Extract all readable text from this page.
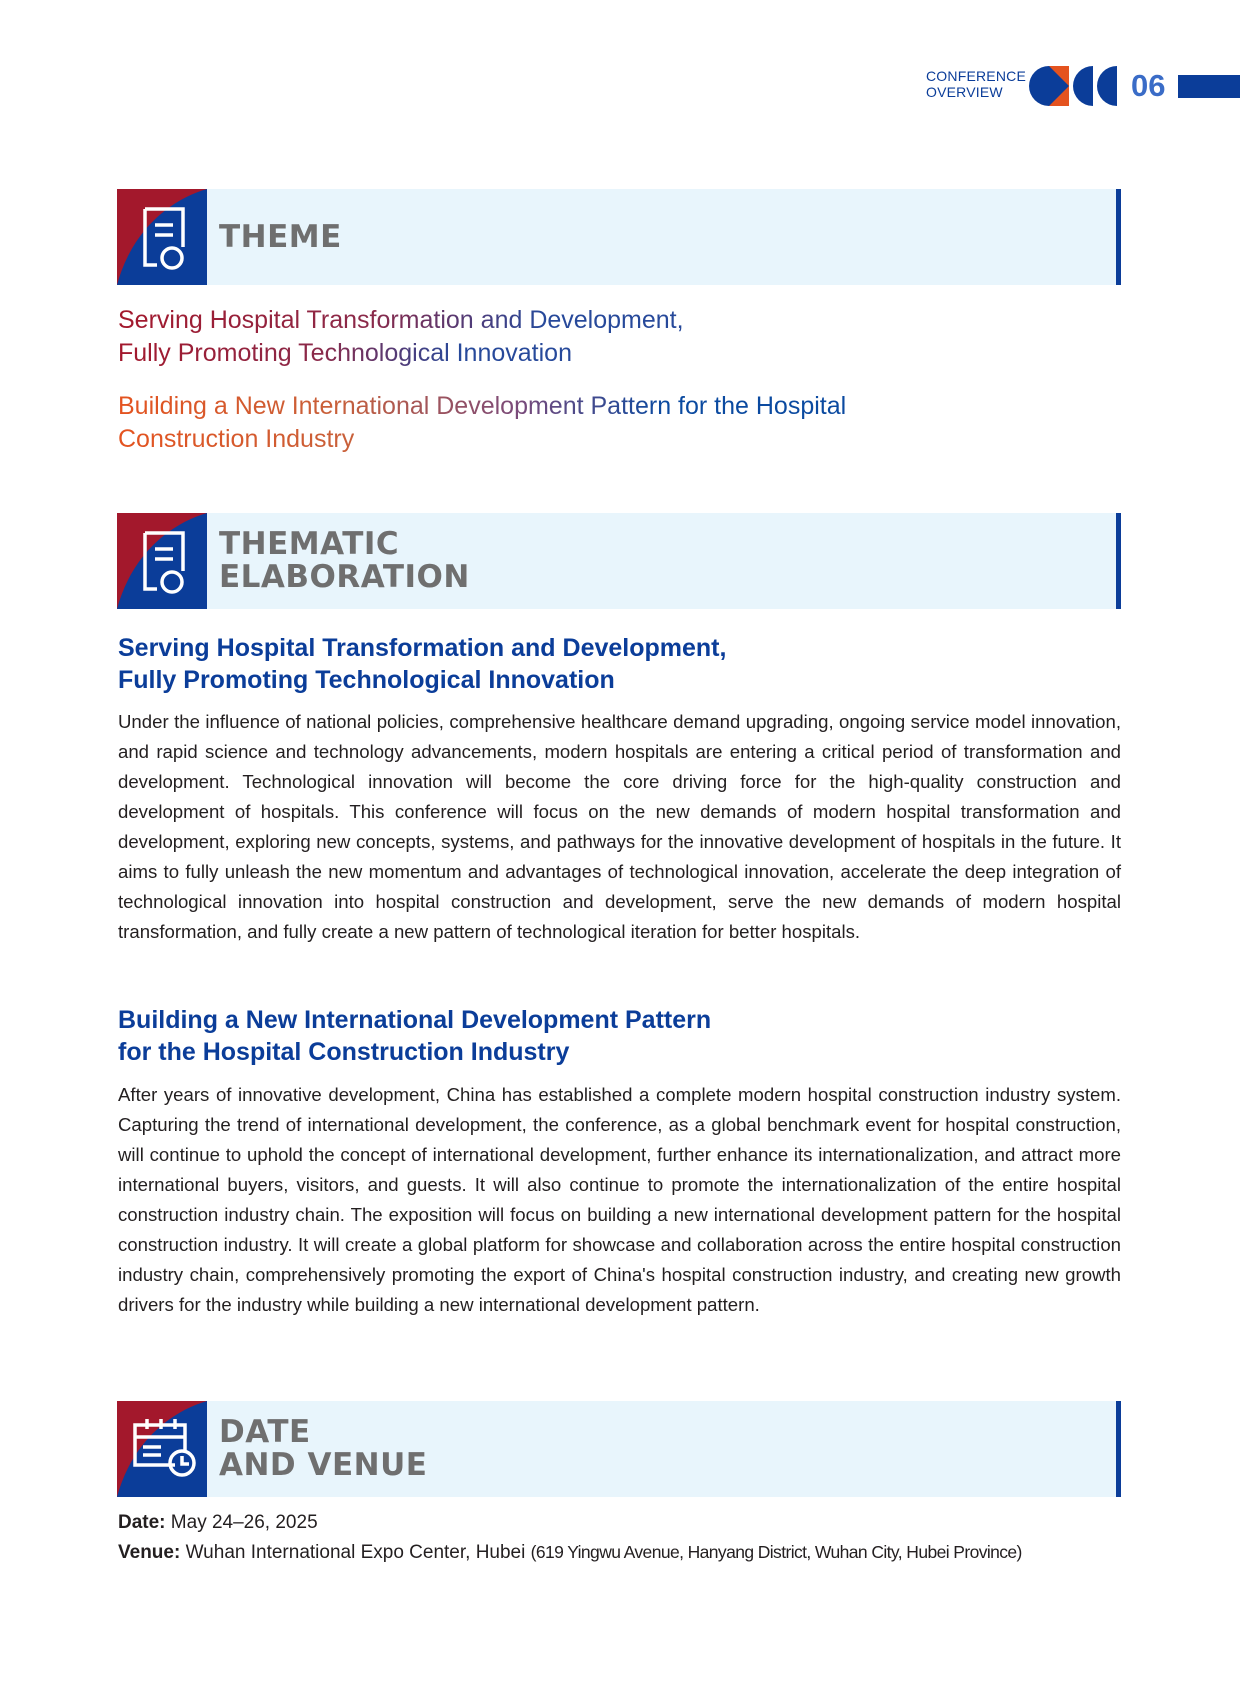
CONFERENCE
OVERVIEW	06
THEME

Serving Hospital Transformation and Development,

Fully Promoting Technological Innovation

Building a New International Development Pattern for the Hospital

Construction Industry

THEMATIC
ELABORATION
Serving Hospital Transformation and Development,
Fully Promoting Technological Innovation

Under the influence of national policies, comprehensive healthcare demand upgrading, ongoing service model innovation, and rapid science and technology advancements, modern hospitals are entering a critical period of transformation and development. Technological innovation will become the core driving force for the high-quality construction and development of hospitals. This conference will focus on the new demands of modern hospital transformation and development, exploring new concepts, systems, and pathways for the innovative development of hospitals in the future. It aims to fully unleash the new momentum and advantages of technological innovation, accelerate the deep integration of technological innovation into hospital construction and development, serve the new demands of modern hospital transformation, and fully create a new pattern of technological iteration for better hospitals.

Building a New International Development Pattern
for the Hospital Construction Industry

After years of innovative development, China has established a complete modern hospital construction industry system. Capturing the trend of international development, the conference, as a global benchmark event for hospital construction, will continue to uphold the concept of international development, further enhance its internationalization, and attract more international buyers, visitors, and guests. It will also continue to promote the internationalization of the entire hospital construction industry chain. The exposition will focus on building a new international development pattern for the hospital construction industry. It will create a global platform for showcase and collaboration across the entire hospital construction industry chain, comprehensively promoting the export of China's hospital construction industry, and creating new growth drivers for the industry while building a new international development pattern.

DATE
AND VENUE

Date: May 24–26, 2025

Venue: Wuhan International Expo Center, Hubei (619 Yingwu Avenue, Hanyang District, Wuhan City, Hubei Province)
